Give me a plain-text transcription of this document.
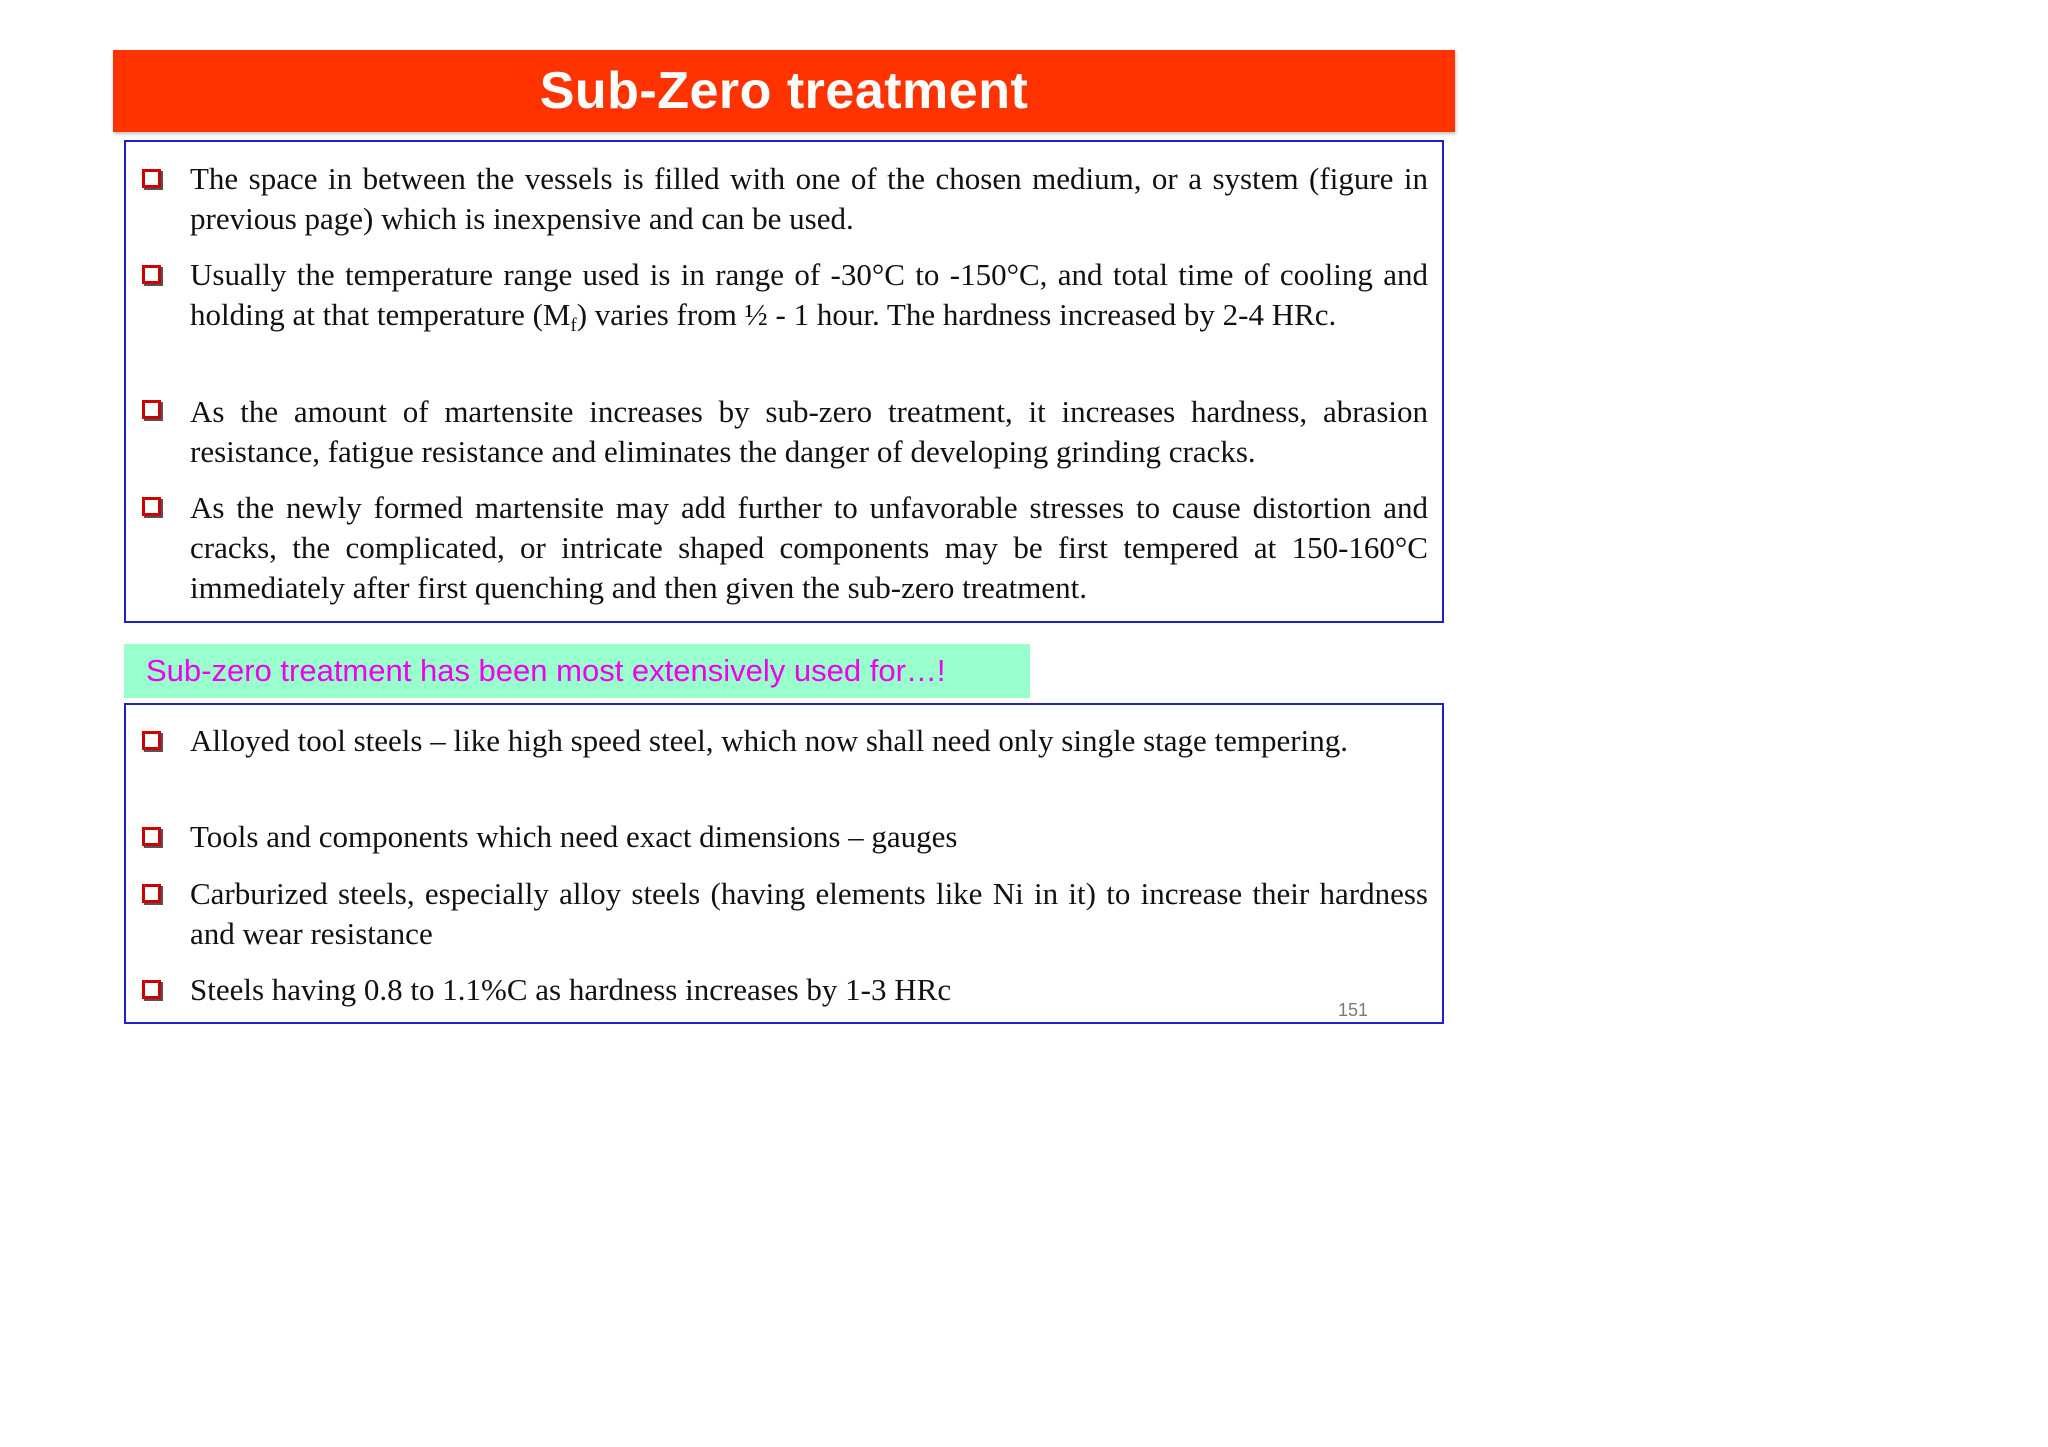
Sub-Zero treatment
The space in between the vessels is filled with one of the chosen medium, or a system (figure in previous page) which is inexpensive and can be used.
Usually the temperature range used is in range of -30°C to -150°C, and total time of cooling and holding at that temperature $(M_f)$ varies from ½ - 1 hour. The hardness increased by 2-4 HRc.
As the amount of martensite increases by sub-zero treatment, it increases hardness, abrasion resistance, fatigue resistance and eliminates the danger of developing grinding cracks.
As the newly formed martensite may add further to unfavorable stresses to cause distortion and cracks, the complicated, or intricate shaped components may be first tempered at 150-160°C immediately after first quenching and then given the sub-zero treatment.
Sub-zero treatment has been most extensively used for…!
Alloyed tool steels – like high speed steel, which now shall need only single stage tempering.
Tools and components which need exact dimensions – gauges
Carburized steels, especially alloy steels (having elements like Ni in it) to increase their hardness and wear resistance
Steels having 0.8 to 1.1%C as hardness increases by 1-3 HRc
151
